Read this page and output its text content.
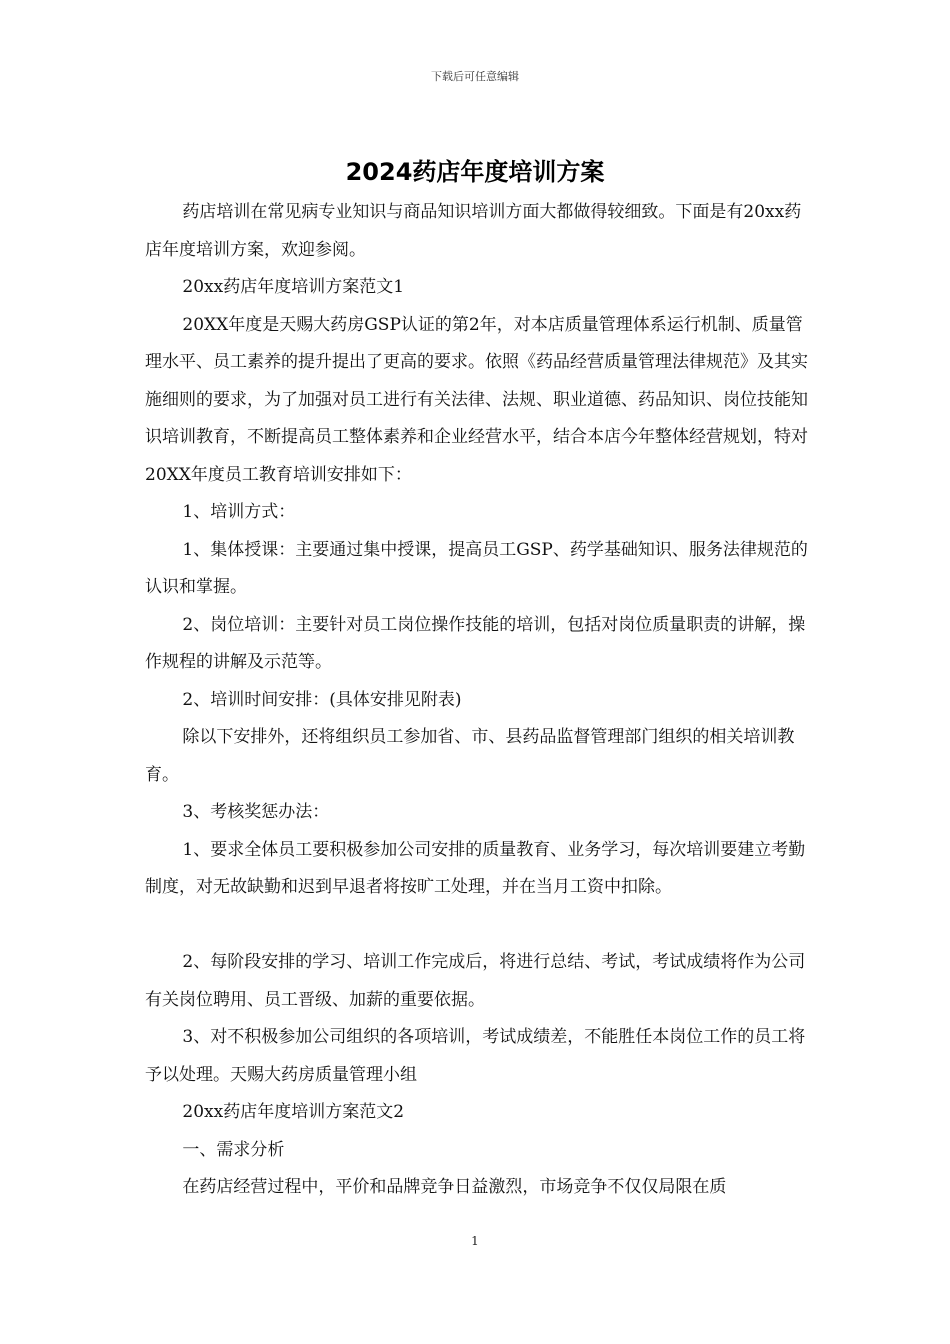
下载后可任意编辑
2024药店年度培训方案

药店培训在常见病专业知识与商品知识培训方面大都做得较细致。下面是有20xx药店年度培训方案，欢迎参阅。

20xx药店年度培训方案范文1

20XX年度是天赐大药房GSP认证的第2年，对本店质量管理体系运行机制、质量管理水平、员工素养的提升提出了更高的要求。依照《药品经营质量管理法律规范》及其实施细则的要求，为了加强对员工进行有关法律、法规、职业道德、药品知识、岗位技能知识培训教育，不断提高员工整体素养和企业经营水平，结合本店今年整体经营规划，特对20XX年度员工教育培训安排如下：

1、培训方式：

1、集体授课：主要通过集中授课，提高员工GSP、药学基础知识、服务法律规范的认识和掌握。

2、岗位培训：主要针对员工岗位操作技能的培训，包括对岗位质量职责的讲解，操作规程的讲解及示范等。

2、培训时间安排：(具体安排见附表)

除以下安排外，还将组织员工参加省、市、县药品监督管理部门组织的相关培训教育。

3、考核奖惩办法：

1、要求全体员工要积极参加公司安排的质量教育、业务学习，每次培训要建立考勤制度，对无故缺勤和迟到早退者将按旷工处理，并在当月工资中扣除。

2、每阶段安排的学习、培训工作完成后，将进行总结、考试，考试成绩将作为公司有关岗位聘用、员工晋级、加薪的重要依据。

3、对不积极参加公司组织的各项培训，考试成绩差，不能胜任本岗位工作的员工将予以处理。天赐大药房质量管理小组

20xx药店年度培训方案范文2

一、需求分析

在药店经营过程中，平价和品牌竞争日益激烈，市场竞争不仅仅局限在质

1
